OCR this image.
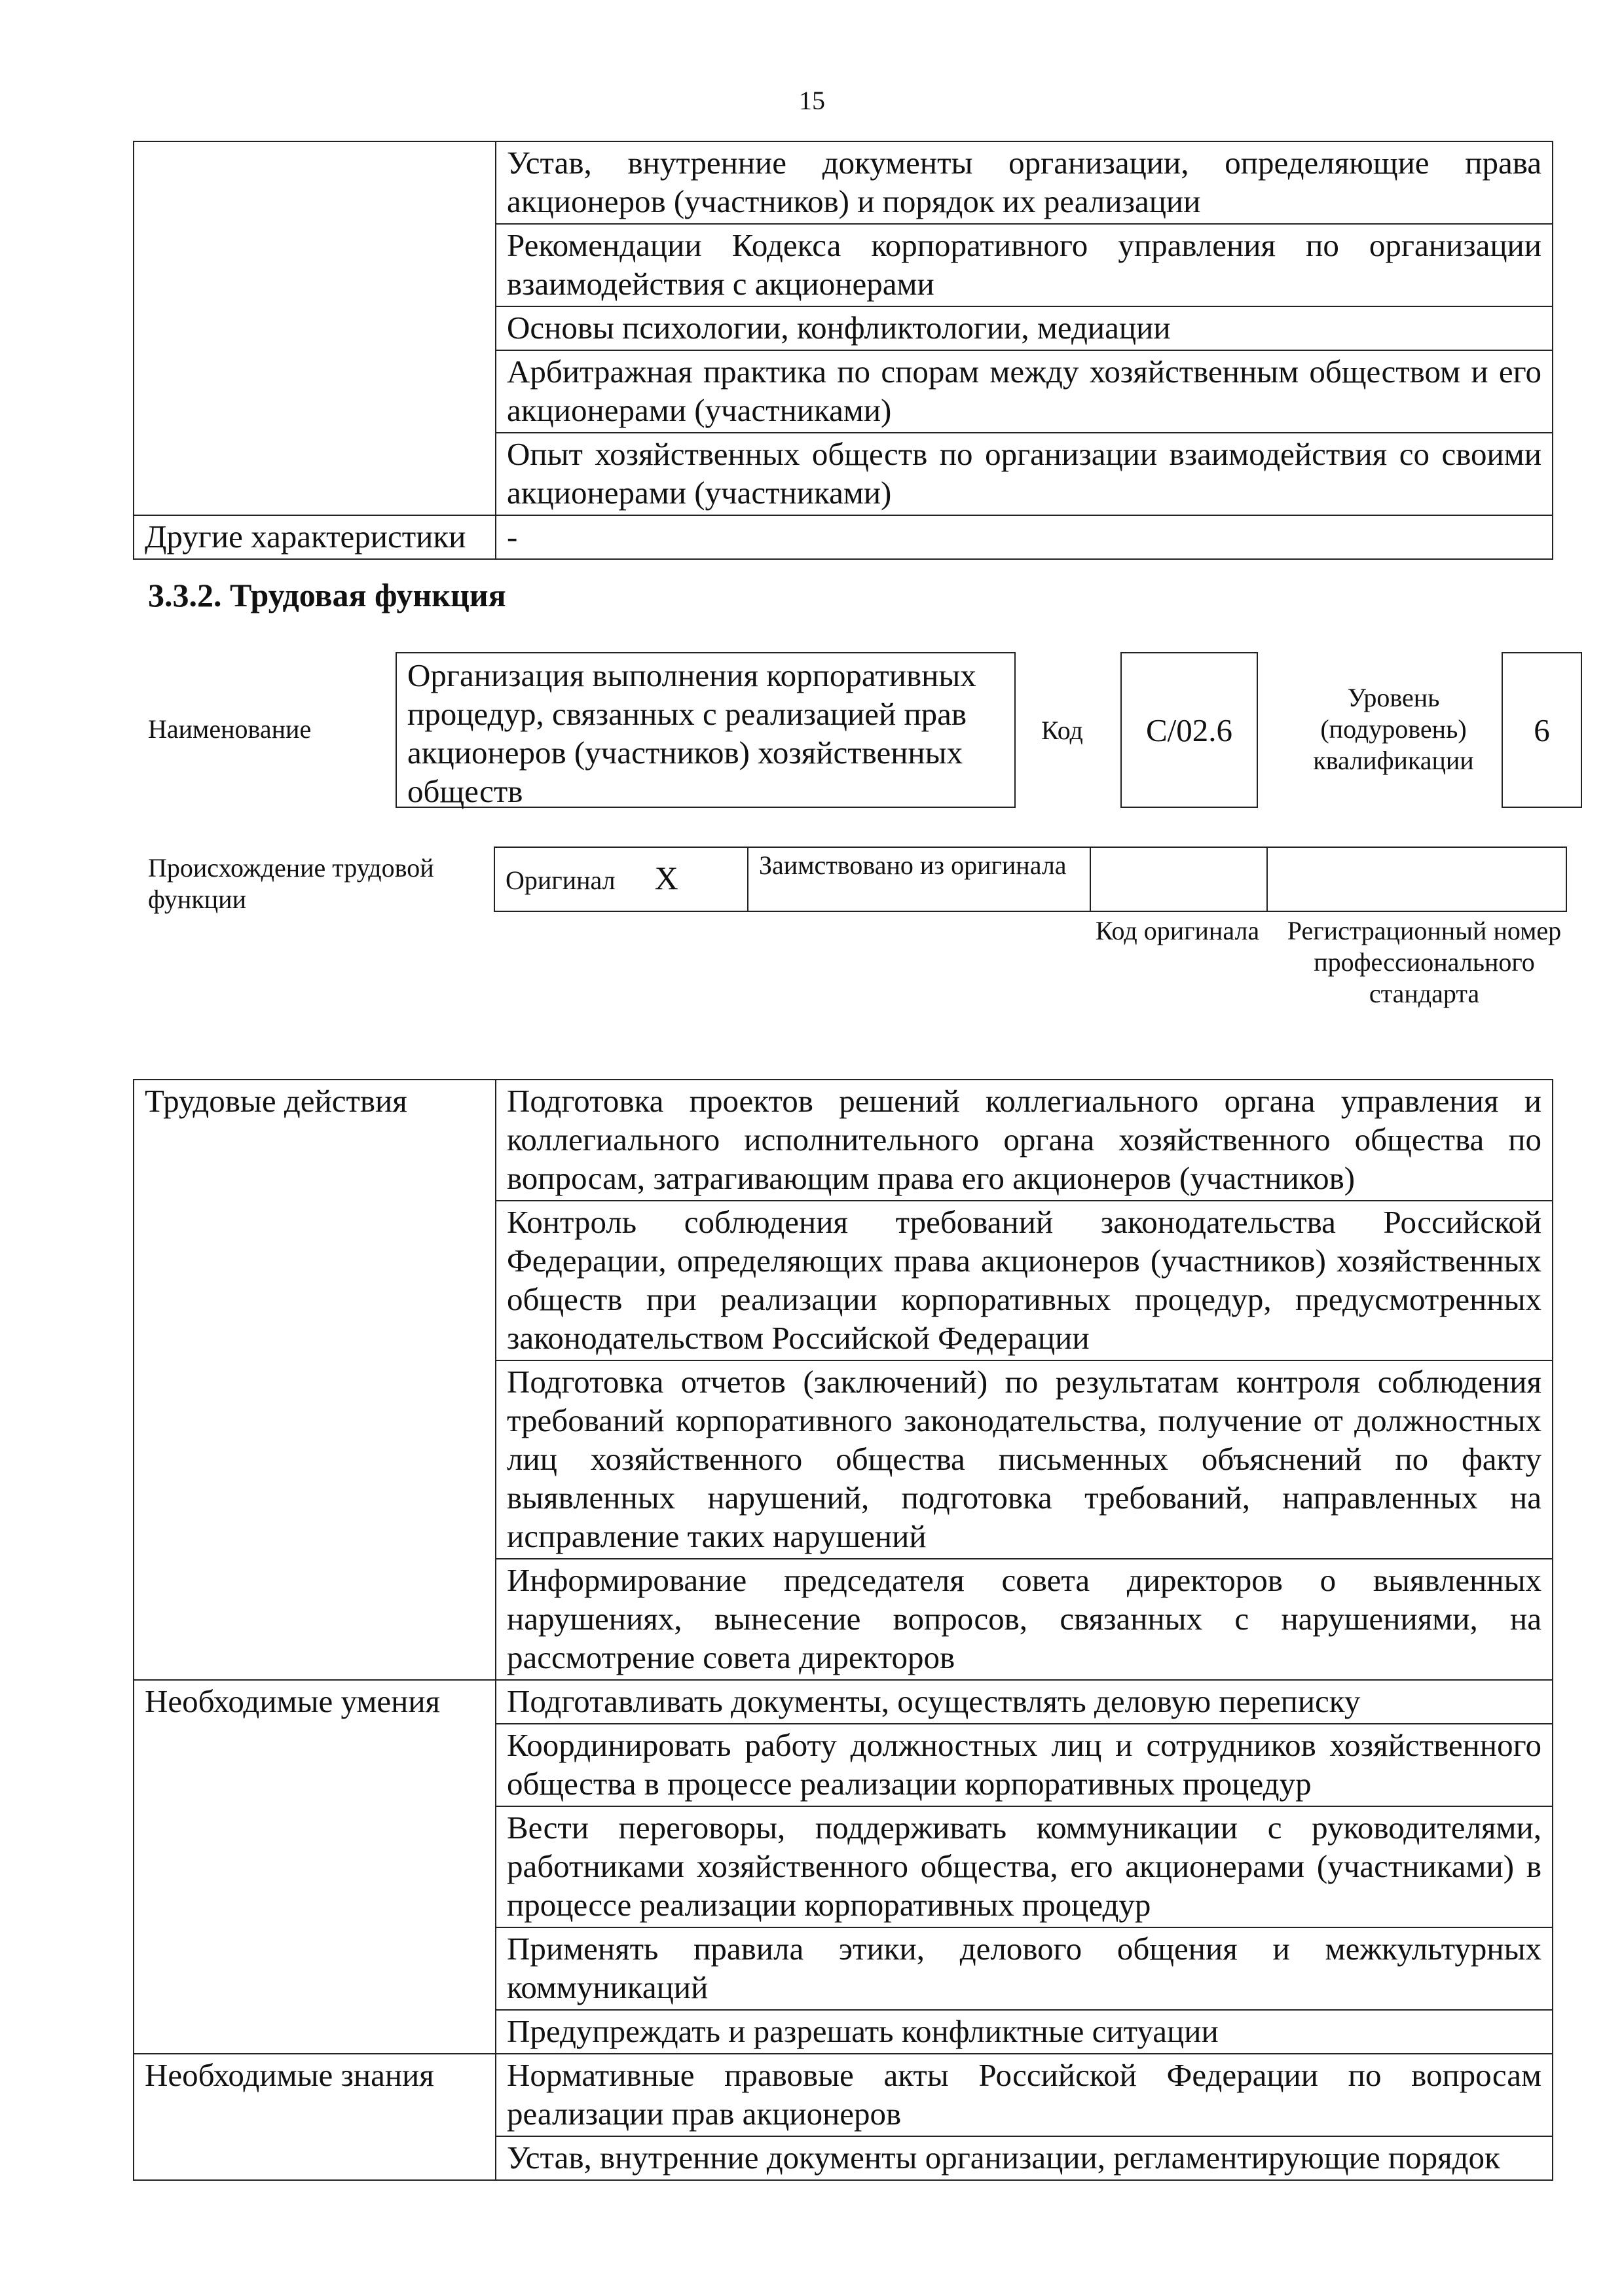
15
	Устав, внутренние документы организации, определяющие права акционеров (участников) и порядок их реализации
	Рекомендации Кодекса корпоративного управления по организации взаимодействия с акционерами
	Основы психологии, конфликтологии, медиации
	Арбитражная практика по спорам между хозяйственным обществом и его акционерами (участниками)
	Опыт хозяйственных обществ по организации взаимодействия со своими акционерами (участниками)
Другие характеристики	-
3.3.2. Трудовая функция
Наименование
Организация выполнения корпоративных процедур, связанных с реализацией прав акционеров (участников) хозяйственных обществ
Код	C/02.6
Уровень (подуровень) квалификации
6
Происхождение трудовой функции
Оригинал X	Заимствовано из оригинала		
Код оригинала	Регистрационный номер профессионального стандарта
Трудовые действия	Подготовка проектов решений коллегиального органа управления и коллегиального исполнительного органа хозяйственного общества по вопросам, затрагивающим права его акционеров (участников)
	Контроль соблюдения требований законодательства Российской Федерации, определяющих права акционеров (участников) хозяйственных обществ при реализации корпоративных процедур, предусмотренных законодательством Российской Федерации
	Подготовка отчетов (заключений) по результатам контроля соблюдения требований корпоративного законодательства, получение от должностных лиц хозяйственного общества письменных объяснений по факту выявленных нарушений, подготовка требований, направленных на исправление таких нарушений
	Информирование председателя совета директоров о выявленных нарушениях, вынесение вопросов, связанных с нарушениями, на рассмотрение совета директоров
Необходимые умения	Подготавливать документы, осуществлять деловую переписку
	Координировать работу должностных лиц и сотрудников хозяйственного общества в процессе реализации корпоративных процедур
	Вести переговоры, поддерживать коммуникации с руководителями, работниками хозяйственного общества, его акционерами (участниками) в процессе реализации корпоративных процедур
	Применять правила этики, делового общения и межкультурных коммуникаций
	Предупреждать и разрешать конфликтные ситуации
Необходимые знания	Нормативные правовые акты Российской Федерации по вопросам реализации прав акционеров
	Устав, внутренние документы организации, регламентирующие порядок
